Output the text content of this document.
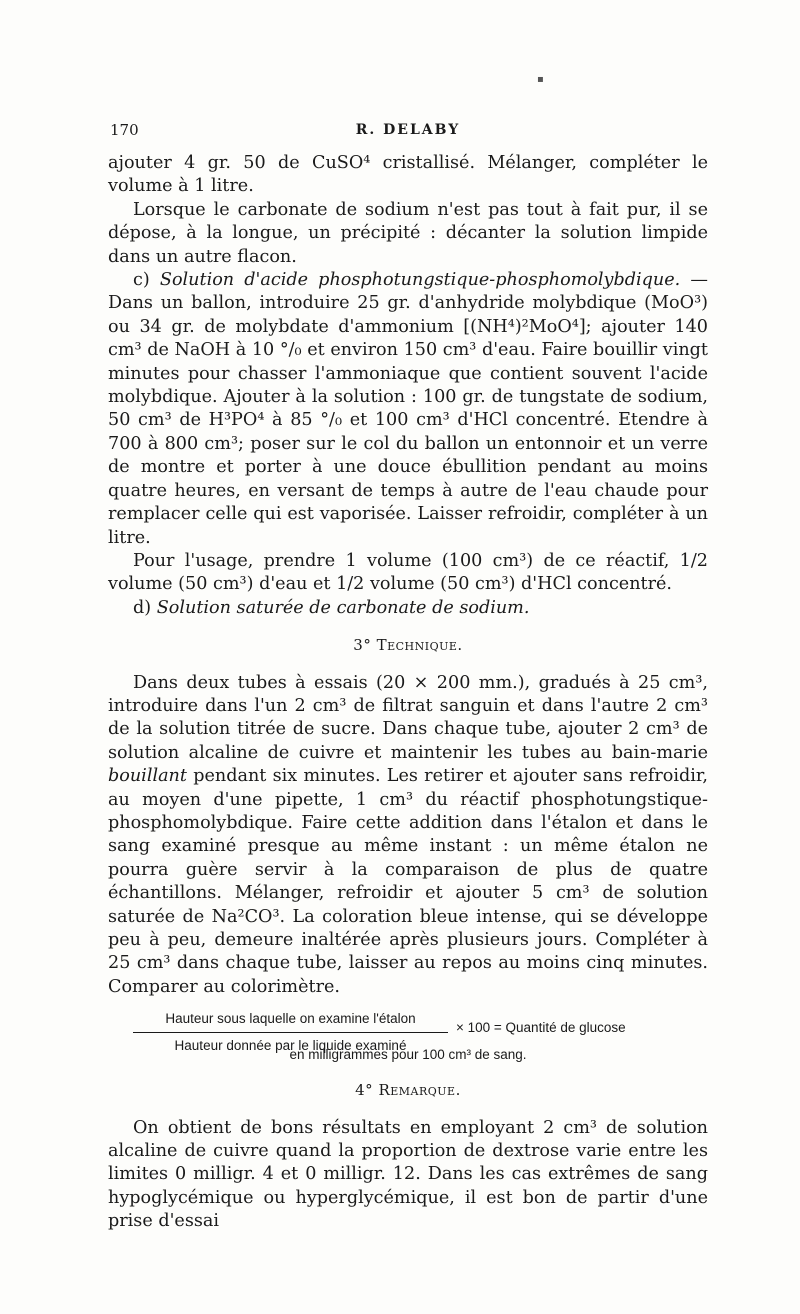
▪
170	R. DELABY

ajouter 4 gr. 50 de CuSO⁴ cristallisé. Mélanger, compléter le volume à 1 litre.

Lorsque le carbonate de sodium n'est pas tout à fait pur, il se dépose, à la longue, un précipité : décanter la solution limpide dans un autre flacon.

c) Solution d'acide phosphotungstique-phosphomolybdique. — Dans un ballon, introduire 25 gr. d'anhydride molybdique (MoO³) ou 34 gr. de molybdate d'ammonium [(NH⁴)²MoO⁴]; ajouter 140 cm³ de NaOH à 10 °/₀ et environ 150 cm³ d'eau. Faire bouillir vingt minutes pour chasser l'ammoniaque que contient souvent l'acide molybdique. Ajouter à la solution : 100 gr. de tungstate de sodium, 50 cm³ de H³PO⁴ à 85 °/₀ et 100 cm³ d'HCl concentré. Etendre à 700 à 800 cm³; poser sur le col du ballon un entonnoir et un verre de montre et porter à une douce ébullition pendant au moins quatre heures, en versant de temps à autre de l'eau chaude pour remplacer celle qui est vaporisée. Laisser refroidir, compléter à un litre.

Pour l'usage, prendre 1 volume (100 cm³) de ce réactif, 1/2 volume (50 cm³) d'eau et 1/2 volume (50 cm³) d'HCl concentré.

d) Solution saturée de carbonate de sodium.

3° Technique.

Dans deux tubes à essais (20 × 200 mm.), gradués à 25 cm³, introduire dans l'un 2 cm³ de filtrat sanguin et dans l'autre 2 cm³ de la solution titrée de sucre. Dans chaque tube, ajouter 2 cm³ de solution alcaline de cuivre et maintenir les tubes au bain-marie bouillant pendant six minutes. Les retirer et ajouter sans refroidir, au moyen d'une pipette, 1 cm³ du réactif phosphotungstique-phosphomolybdique. Faire cette addition dans l'étalon et dans le sang examiné presque au même instant : un même étalon ne pourra guère servir à la comparaison de plus de quatre échantillons. Mélanger, refroidir et ajouter 5 cm³ de solution saturée de Na²CO³. La coloration bleue intense, qui se développe peu à peu, demeure inaltérée après plusieurs jours. Compléter à 25 cm³ dans chaque tube, laisser au repos au moins cinq minutes. Comparer au colorimètre.

Hauteur sous laquelle on examine l'étalon
Hauteur donnée par le liquide examiné
× 100 = Quantité de glucose
en milligrammes pour 100 cm³ de sang.
4° Remarque.

On obtient de bons résultats en employant 2 cm³ de solution alcaline de cuivre quand la proportion de dextrose varie entre les limites 0 milligr. 4 et 0 milligr. 12. Dans les cas extrêmes de sang hypoglycémique ou hyperglycémique, il est bon de partir d'une prise d'essai
